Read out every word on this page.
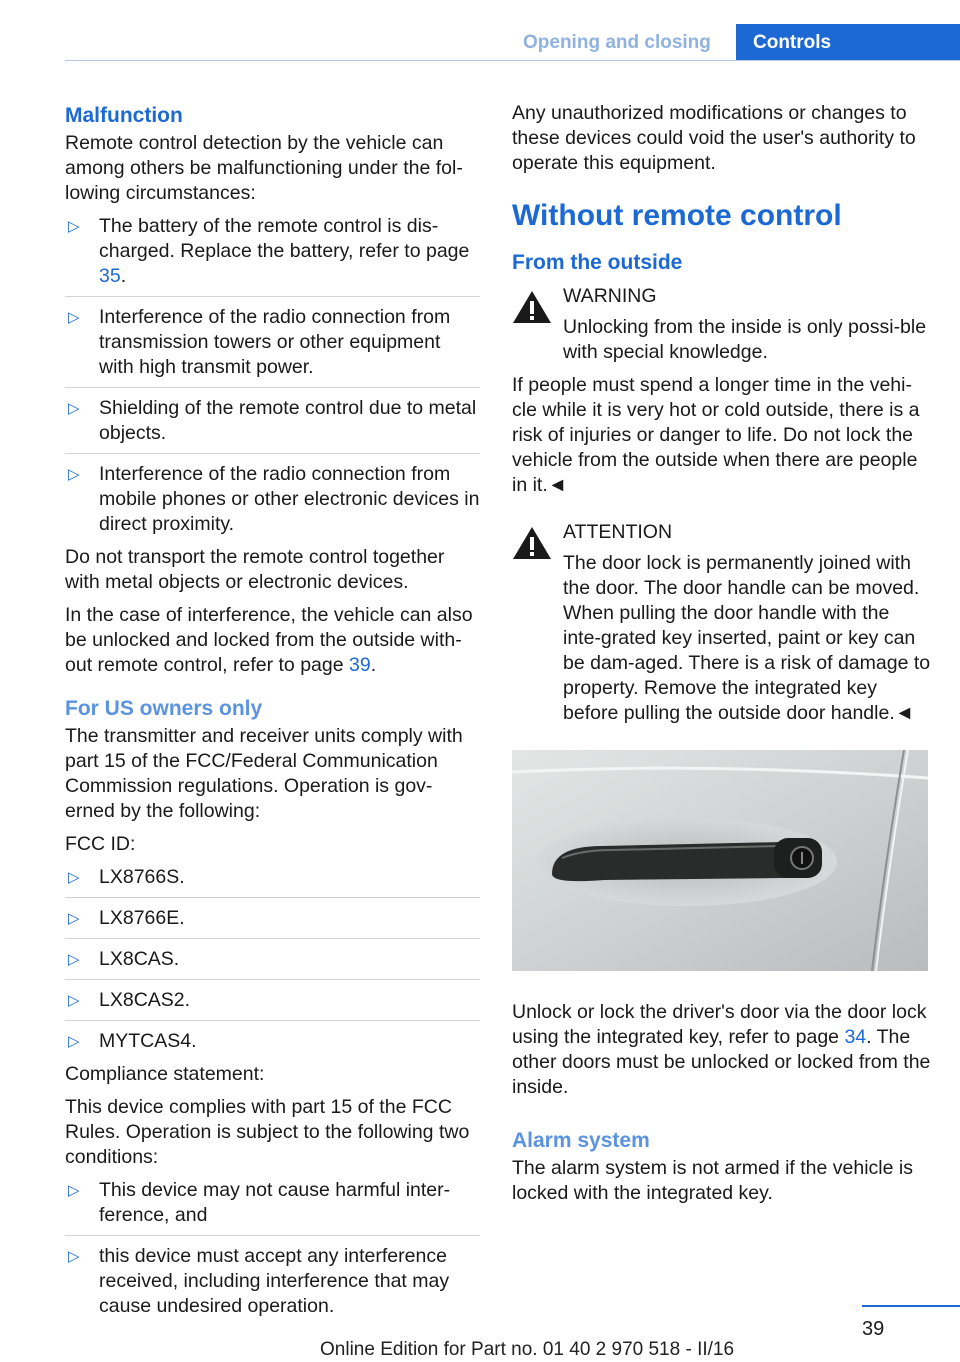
Opening and closing	Controls
Malfunction

Remote control detection by the vehicle can among others be malfunctioning under the fol-lowing circumstances:

▷ The battery of the remote control is dis-charged. Replace the battery, refer to page 35.
▷ Interference of the radio connection from transmission towers or other equipment with high transmit power.
▷ Shielding of the remote control due to metal objects.
▷ Interference of the radio connection from mobile phones or other electronic devices in direct proximity.

Do not transport the remote control together with metal objects or electronic devices.

In the case of interference, the vehicle can also be unlocked and locked from the outside with-out remote control, refer to page 39.

For US owners only

The transmitter and receiver units comply with part 15 of the FCC/Federal Communication Commission regulations. Operation is gov-erned by the following:

FCC ID:

▷ LX8766S.
▷ LX8766E.
▷ LX8CAS.
▷ LX8CAS2.
▷ MYTCAS4.

Compliance statement:

This device complies with part 15 of the FCC Rules. Operation is subject to the following two conditions:

▷ This device may not cause harmful inter-ference, and
▷ this device must accept any interference received, including interference that may cause undesired operation.

Any unauthorized modifications or changes to these devices could void the user's authority to operate this equipment.

Without remote control
From the outside
WARNING
Unlocking from the inside is only possi-ble with special knowledge.

If people must spend a longer time in the vehi-cle while it is very hot or cold outside, there is a risk of injuries or danger to life. Do not lock the vehicle from the outside when there are people in it.◄

ATTENTION
The door lock is permanently joined with the door. The door handle can be moved. When pulling the door handle with the inte-grated key inserted, paint or key can be dam-aged. There is a risk of damage to property. Remove the integrated key before pulling the outside door handle.◄

Unlock or lock the driver's door via the door lock using the integrated key, refer to page 34. The other doors must be unlocked or locked from the inside.

Alarm system

The alarm system is not armed if the vehicle is locked with the integrated key.

39
Online Edition for Part no. 01 40 2 970 518 - II/16
